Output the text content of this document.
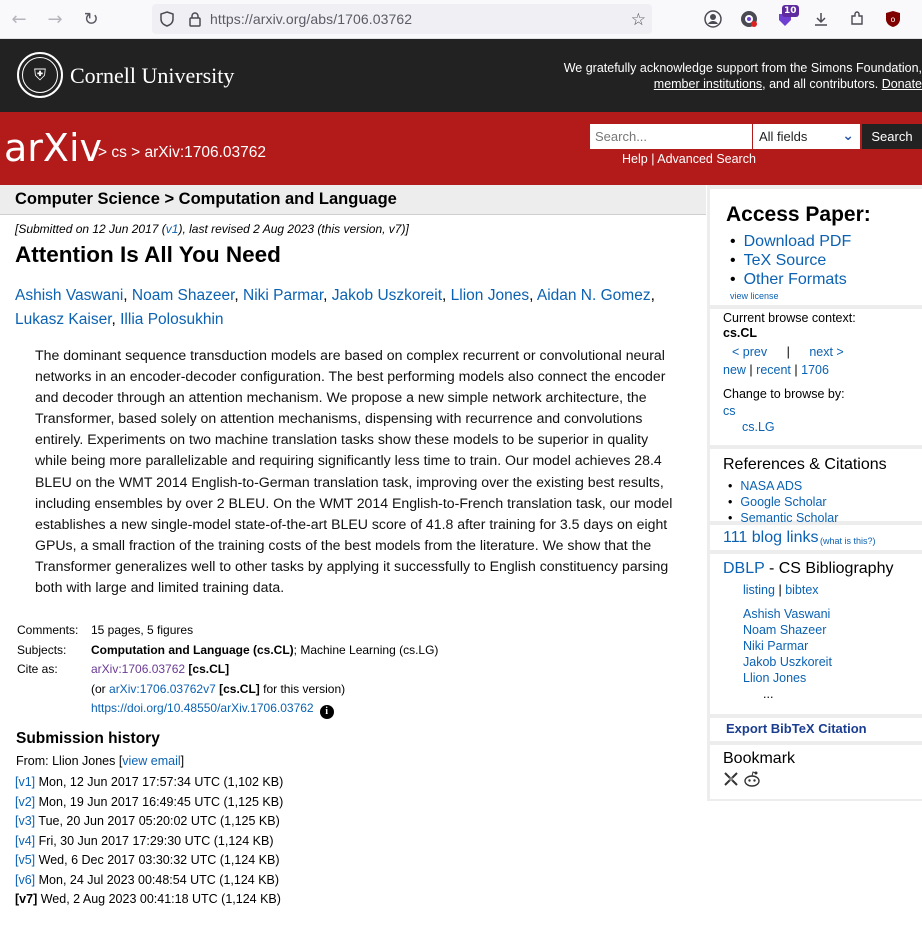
← → ↻	https://arxiv.org/abs/1706.03762	☆	10
o
⛨	Cornell University	We gratefully acknowledge support from the Simons Foundation,
member institutions, and all contributors. Donate
arXiv
> cs > arXiv:1706.03762
Search...	All fields ⌄	Search
Help | Advanced Search
Computer Science > Computation and Language
[Submitted on 12 Jun 2017 (v1), last revised 2 Aug 2023 (this version, v7)]
Attention Is All You Need
Ashish Vaswani, Noam Shazeer, Niki Parmar, Jakob Uszkoreit, Llion Jones, Aidan N. Gomez, Lukasz Kaiser, Illia Polosukhin

The dominant sequence transduction models are based on complex recurrent or convolutional neural networks in an encoder-decoder configuration. The best performing models also connect the encoder and decoder through an attention mechanism. We propose a new simple network architecture, the Transformer, based solely on attention mechanisms, dispensing with recurrence and convolutions entirely. Experiments on two machine translation tasks show these models to be superior in quality while being more parallelizable and requiring significantly less time to train. Our model achieves 28.4 BLEU on the WMT 2014 English-to-German translation task, improving over the existing best results, including ensembles by over 2 BLEU. On the WMT 2014 English-to-French translation task, our model establishes a new single-model state-of-the-art BLEU score of 41.8 after training for 3.5 days on eight GPUs, a small fraction of the training costs of the best models from the literature. We show that the Transformer generalizes well to other tasks by applying it successfully to English constituency parsing both with large and limited training data.

Comments:	15 pages, 5 figures
Subjects:	Computation and Language (cs.CL); Machine Learning (cs.LG)
Cite as:	arXiv:1706.03762 [cs.CL]
(or arXiv:1706.03762v7 [cs.CL] for this version)
https://doi.org/10.48550/arXiv.1706.03762 i
Submission history
From: Llion Jones [view email]
[v1] Mon, 12 Jun 2017 17:57:34 UTC (1,102 KB)
[v2] Mon, 19 Jun 2017 16:49:45 UTC (1,125 KB)
[v3] Tue, 20 Jun 2017 05:20:02 UTC (1,125 KB)
[v4] Fri, 30 Jun 2017 17:29:30 UTC (1,124 KB)
[v5] Wed, 6 Dec 2017 03:30:32 UTC (1,124 KB)
[v6] Mon, 24 Jul 2023 00:48:54 UTC (1,124 KB)
[v7] Wed, 2 Aug 2023 00:41:18 UTC (1,124 KB)
Access Paper:
• Download PDF
• TeX Source
• Other Formats
view license
Current browse context:
cs.CL
< prev | next >
new | recent | 1706
Change to browse by:
cs
cs.LG
References & Citations
• NASA ADS
• Google Scholar
• Semantic Scholar
111 blog links (what is this?)
DBLP - CS Bibliography
listing | bibtex
Ashish Vaswani
Noam Shazeer
Niki Parmar
Jakob Uszkoreit
Llion Jones
...
Export BibTeX Citation
Bookmark
